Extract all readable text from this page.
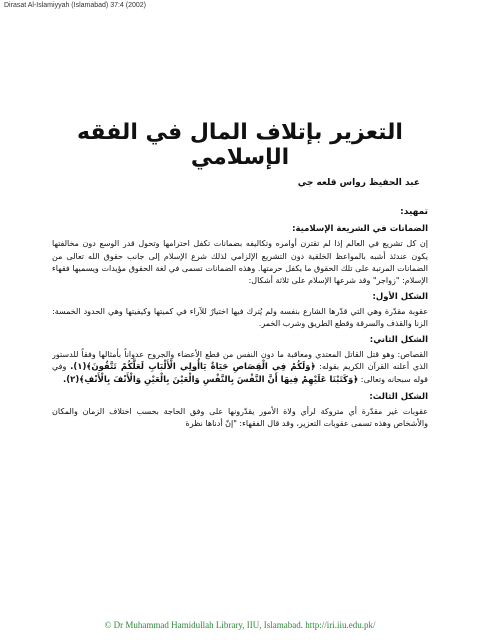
Dirasat Al-Islamiyyah (Islamabad) 37:4 (2002)
التعزير بإتلاف المال في الفقه الإسلامي
عبد الحفيظ رواس قلعه جي

تمهيد:

الضمانات في الشريعة الإسلامية:

إن كل تشريع في العالم إذا لم تقترن أوامره وتكاليفه بضمانات تكفل احترامها وتحول قدر الوسع دون مخالفتها يكون عندئذ أشبه بالمواعظ الخلقية دون التشريع الإلزامي لذلك شرع الإسلام إلى جانب حقوق الله تعالى من الضمانات المرتبة على تلك الحقوق ما يكفل حرمتها. وهذه الضمانات تسمى في لغة الحقوق مؤيدات ويسميها فقهاء الإسلام: "زواجر" وقد شرعها الإسلام على ثلاثة أشكال:

الشكل الأول:

عقوبة مقدّرة وهي التي قدّرها الشارع بنفسه ولم يُترك فيها اختيارٌ للآراء في كميتها وكيفيتها وهي الحدود الخمسة: الزنا والقذف والسرقة وقطع الطريق وشرب الخمر.

الشكل الثاني:

القصاص: وهو قتل القاتل المعتدي ومعاقبة ما دون النفس من قطع الأعضاء والجروح عدواناً بأمثالها وفقاً للدستور الذي أعلنه القرآن الكريم بقوله: ﴿وَلَكُمْ فِي الْقِصَاصِ حَيَاةٌ يَاأُولِي الْأَلْبَابِ لَعَلَّكُمْ تَتَّقُونَ﴾(١). وفي قوله سبحانه وتعالى: ﴿وَكَتَبْنَا عَلَيْهِمْ فِيهَا أَنَّ النَّفْسَ بِالنَّفْسِ وَالْعَيْنَ بِالْعَيْنِ وَالْأَنْفَ بِالْأَنْفِ﴾(٢).

الشكل الثالث:

عقوبات غير مقدّرة أي متروكة لرأي ولاة الأمور يقدّرونها على وفق الحاجة بحسب اختلاف الزمان والمكان والأشخاص وهذه تسمى عقوبات التعزير، وقد قال الفقهاء: "إنّ أدناها نظرة

© Dr Muhammad Hamidullah Library, IIU, Islamabad. http://iri.iiu.edu.pk/
